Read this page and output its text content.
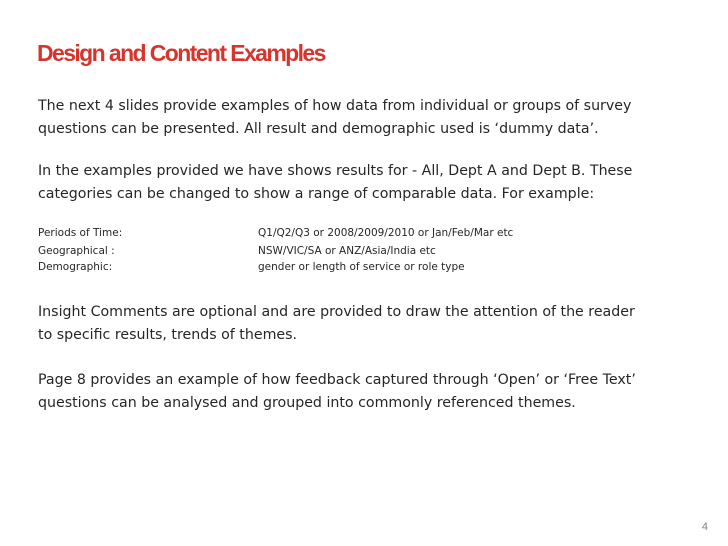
Design and Content Examples
The next 4 slides provide examples of how data from individual or groups of survey
questions can be presented. All result and demographic used is ‘dummy data’.
In the examples provided we have shows results for - All, Dept A and Dept B. These
categories can be changed to show a range of comparable data. For example:
Periods of Time:	Q1/Q2/Q3 or 2008/2009/2010 or Jan/Feb/Mar etc
Geographical :	NSW/VIC/SA or ANZ/Asia/India etc
Demographic:	gender or length of service or role type
Insight Comments are optional and are provided to draw the attention of the reader
to specific results, trends of themes.
Page 8 provides an example of how feedback captured through ‘Open’ or ‘Free Text’
questions can be analysed and grouped into commonly referenced themes.
4
